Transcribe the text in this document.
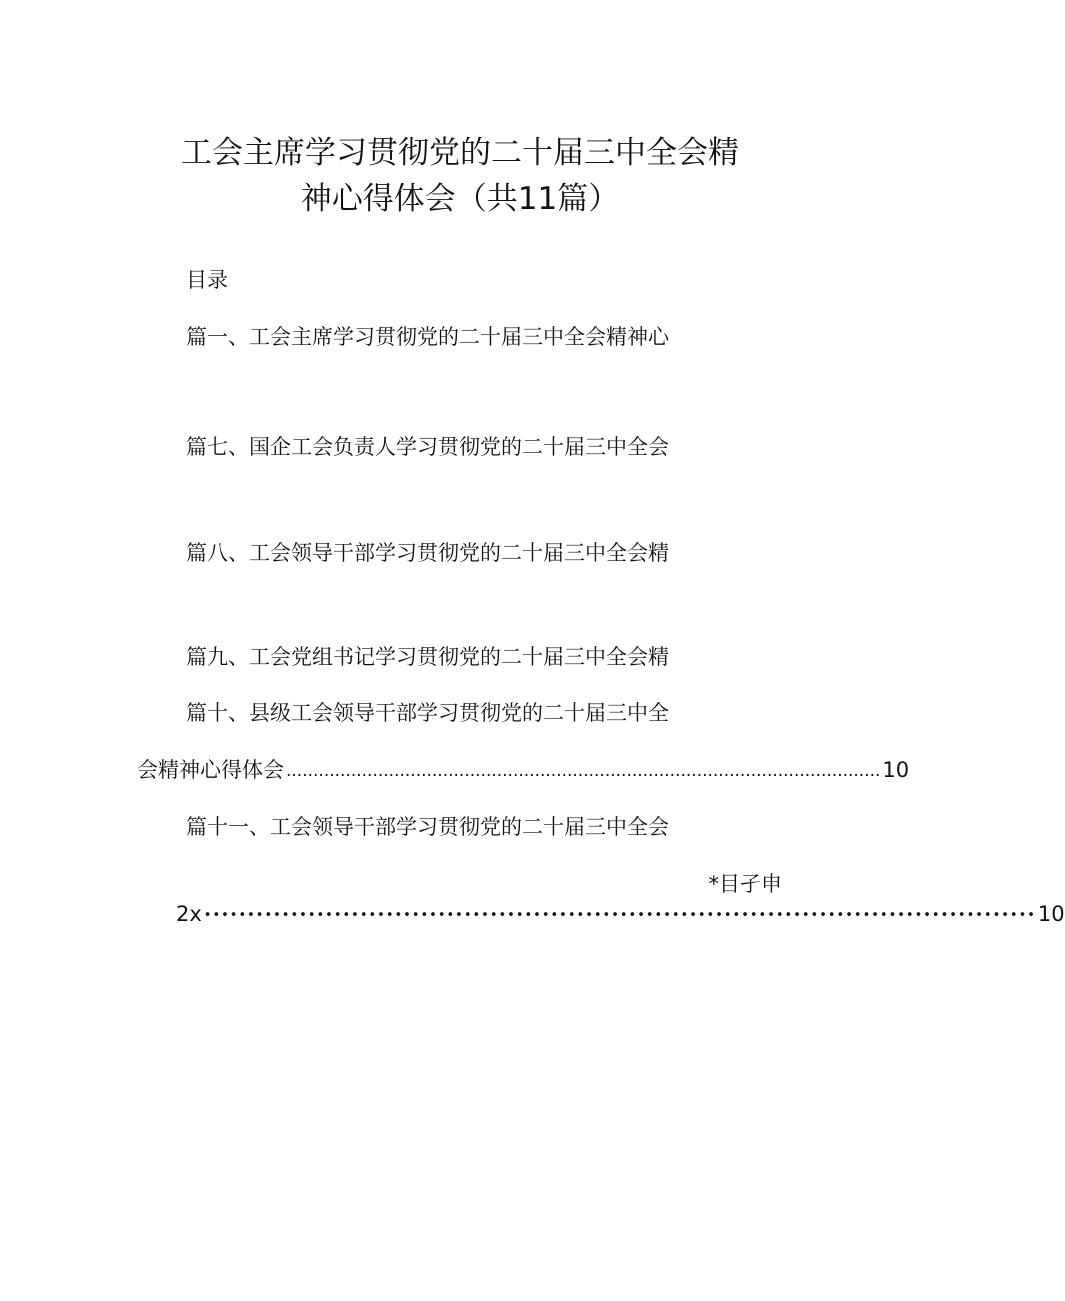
工会主席学习贯彻党的二十届三中全会精
神心得体会（共11篇）
目录
篇一、工会主席学习贯彻党的二十届三中全会精神心
篇七、国企工会负责人学习贯彻党的二十届三中全会
篇八、工会领导干部学习贯彻党的二十届三中全会精
篇九、工会党组书记学习贯彻党的二十届三中全会精
篇十、县级工会领导干部学习贯彻党的二十届三中全
会精神心得体会 .............................................................................................................. 10
篇十一、工会领导干部学习贯彻党的二十届三中全会
*目孑申
2x •••••••••••••••••••••••••••••••••••••••••••••••••••••••••••••••••••••••••••••••••••••••••••••••• 10
